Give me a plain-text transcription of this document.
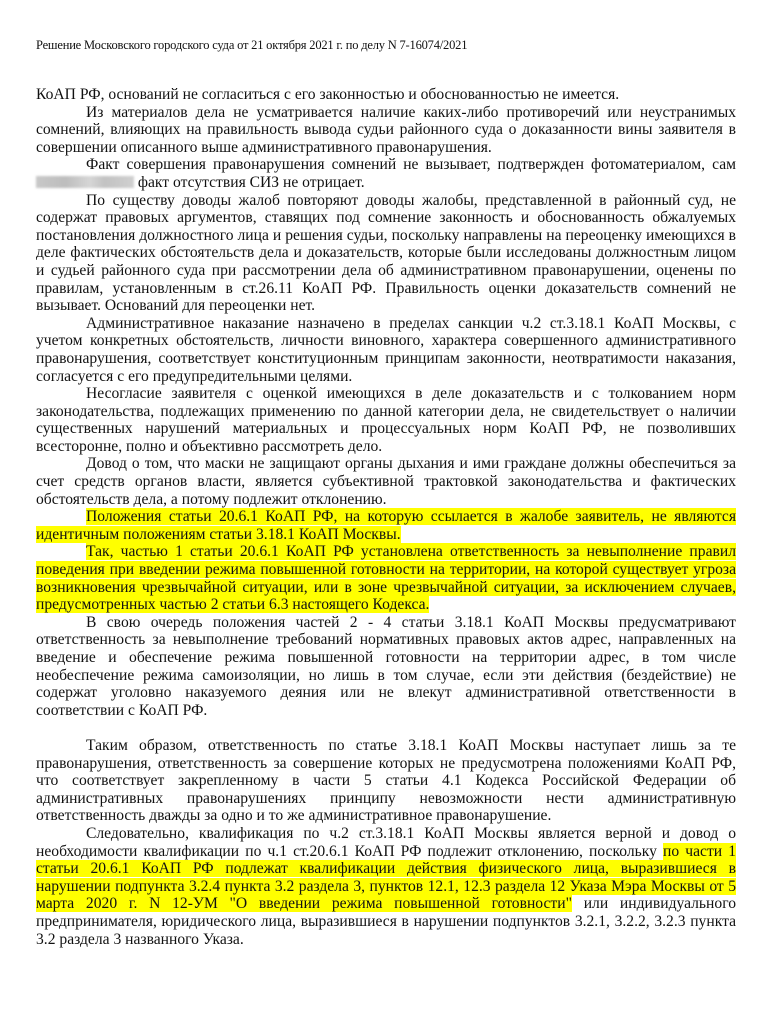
Решение Московского городского суда от 21 октября 2021 г. по делу N 7-16074/2021

КоАП РФ, оснований не согласиться с его законностью и обоснованностью не имеется.

Из материалов дела не усматривается наличие каких-либо противоречий или неустранимых сомнений, влияющих на правильность вывода судьи районного суда о доказанности вины заявителя в совершении описанного выше административного правонарушения.

Факт совершения правонарушения сомнений не вызывает, подтвержден фотоматериалом, сам  факт отсутствия СИЗ не отрицает.

По существу доводы жалоб повторяют доводы жалобы, представленной в районный суд, не содержат правовых аргументов, ставящих под сомнение законность и обоснованность обжалуемых постановления должностного лица и решения судьи, поскольку направлены на переоценку имеющихся в деле фактических обстоятельств дела и доказательств, которые были исследованы должностным лицом и судьей районного суда при рассмотрении дела об административном правонарушении, оценены по правилам, установленным в ст.26.11 КоАП РФ. Правильность оценки доказательств сомнений не вызывает. Оснований для переоценки нет.

Административное наказание назначено в пределах санкции ч.2 ст.3.18.1 КоАП Москвы, с учетом конкретных обстоятельств, личности виновного, характера совершенного административного правонарушения, соответствует конституционным принципам законности, неотвратимости наказания, согласуется с его предупредительными целями.

Несогласие заявителя с оценкой имеющихся в деле доказательств и с толкованием норм законодательства, подлежащих применению по данной категории дела, не свидетельствует о наличии существенных нарушений материальных и процессуальных норм КоАП РФ, не позволивших всесторонне, полно и объективно рассмотреть дело.

Довод о том, что маски не защищают органы дыхания и ими граждане должны обеспечиться за счет средств органов власти, является субъективной трактовкой законодательства и фактических обстоятельств дела, а потому подлежит отклонению.

Положения статьи 20.6.1 КоАП РФ, на которую ссылается в жалобе заявитель, не являются идентичным положениям статьи 3.18.1 КоАП Москвы.

Так, частью 1 статьи 20.6.1 КоАП РФ установлена ответственность за невыполнение правил поведения при введении режима повышенной готовности на территории, на которой существует угроза возникновения чрезвычайной ситуации, или в зоне чрезвычайной ситуации, за исключением случаев, предусмотренных частью 2 статьи 6.3 настоящего Кодекса.

В свою очередь положения частей 2 - 4 статьи 3.18.1 КоАП Москвы предусматривают ответственность за невыполнение требований нормативных правовых актов адрес, направленных на введение и обеспечение режима повышенной готовности на территории адрес, в том числе необеспечение режима самоизоляции, но лишь в том случае, если эти действия (бездействие) не содержат уголовно наказуемого деяния или не влекут административной ответственности в соответствии с КоАП РФ.

Таким образом, ответственность по статье 3.18.1 КоАП Москвы наступает лишь за те правонарушения, ответственность за совершение которых не предусмотрена положениями КоАП РФ, что соответствует закрепленному в части 5 статьи 4.1 Кодекса Российской Федерации об административных правонарушениях принципу невозможности нести административную ответственность дважды за одно и то же административное правонарушение.

Следовательно, квалификация по ч.2 ст.3.18.1 КоАП Москвы является верной и довод о необходимости квалификации по ч.1 ст.20.6.1 КоАП РФ подлежит отклонению, поскольку по части 1 статьи 20.6.1 КоАП РФ подлежат квалификации действия физического лица, выразившиеся в нарушении подпункта 3.2.4 пункта 3.2 раздела 3, пунктов 12.1, 12.3 раздела 12 Указа Мэра Москвы от 5 марта 2020 г. N 12-УМ "О введении режима повышенной готовности" или индивидуального предпринимателя, юридического лица, выразившиеся в нарушении подпунктов 3.2.1, 3.2.2, 3.2.3 пункта 3.2 раздела 3 названного Указа.
